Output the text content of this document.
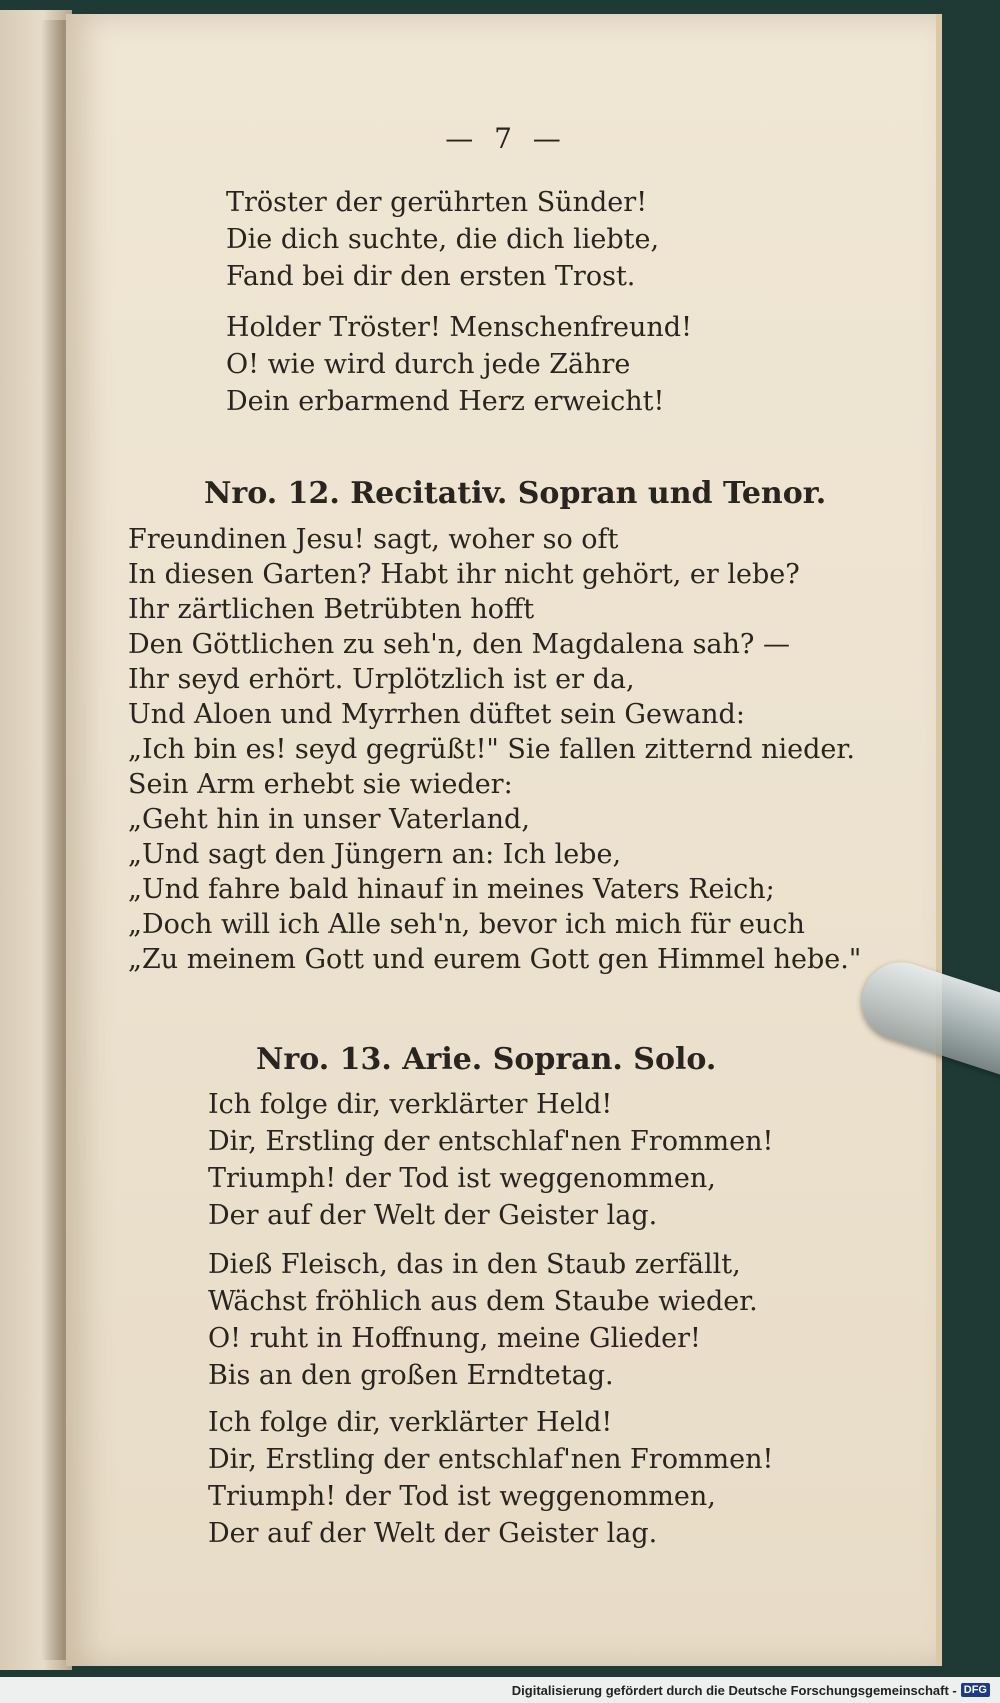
— 7 —
Tröster der gerührten Sünder!
Die dich suchte, die dich liebte,
Fand bei dir den ersten Trost.
Holder Tröster! Menschenfreund!
O! wie wird durch jede Zähre
Dein erbarmend Herz erweicht!
Nro. 12. Recitativ. Sopran und Tenor.
Freundinen Jesu! sagt, woher so oft
In diesen Garten? Habt ihr nicht gehört, er lebe?
Ihr zärtlichen Betrübten hofft
Den Göttlichen zu seh'n, den Magdalena sah? —
Ihr seyd erhört. Urplötzlich ist er da,
Und Aloen und Myrrhen düftet sein Gewand:
„Ich bin es! seyd gegrüßt!" Sie fallen zitternd nieder.
Sein Arm erhebt sie wieder:
„Geht hin in unser Vaterland,
„Und sagt den Jüngern an: Ich lebe,
„Und fahre bald hinauf in meines Vaters Reich;
„Doch will ich Alle seh'n, bevor ich mich für euch
„Zu meinem Gott und eurem Gott gen Himmel hebe."
Nro. 13. Arie. Sopran. Solo.
Ich folge dir, verklärter Held!
Dir, Erstling der entschlaf'nen Frommen!
Triumph! der Tod ist weggenommen,
Der auf der Welt der Geister lag.
Dieß Fleisch, das in den Staub zerfällt,
Wächst fröhlich aus dem Staube wieder.
O! ruht in Hoffnung, meine Glieder!
Bis an den großen Erndtetag.
Ich folge dir, verklärter Held!
Dir, Erstling der entschlaf'nen Frommen!
Triumph! der Tod ist weggenommen,
Der auf der Welt der Geister lag.
Digitalisierung gefördert durch die Deutsche Forschungsgemeinschaft - DFG
